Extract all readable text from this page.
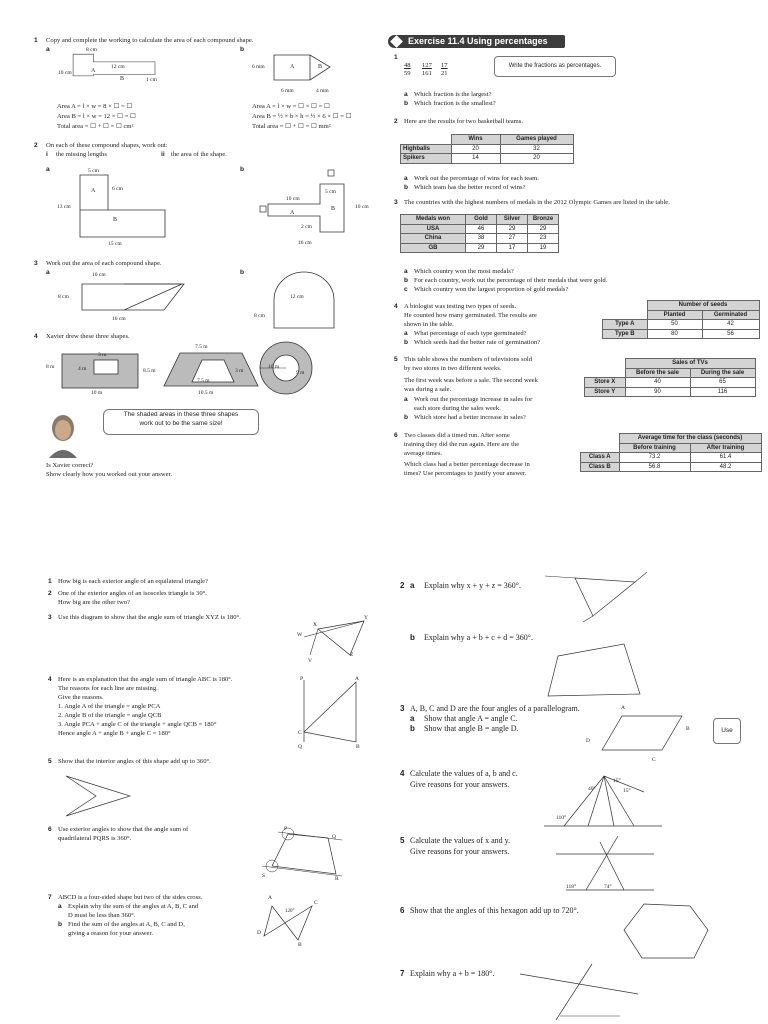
1 Copy and complete the working to calculate the area of each compound shape.
a	b
8 cm
10 cm
12 cm
A
B	1 cm
6 mm	A	B
6 mm	4 mm
Area A = l × w = 8 × ☐ = ☐
Area B = l × w = 12 × ☐ = ☐
Total area = ☐ + ☐ = ☐ cm²
Area A = l × w = ☐ × ☐ = ☐
Area B = ½ × b × h = ½ × 6 × ☐ = ☐
Total area = ☐ + ☐ = ☐ mm²
2 On each of these compound shapes, work out:
i the missing lengths	ii the area of the shape.
a	b
5 cm
A	6 cm
13 cm
B
15 cm
10 cm
5 cm
A
B	10 cm
2 cm
16 cm
3 Work out the area of each compound shape.
a	b
10 cm
8 cm
16 cm
12 cm
8 cm
4 Xavier drew these three shapes.
8 m
3 m
4 m
10 m
7.5 m
8.5 m
7.5 m
3 m
10.5 m
10 m
9 m
The shaded areas in these three shapes
work out to be the same size!
Is Xavier correct?
Show clearly how you worked out your answer.
Exercise 11.4 Using percentages
1
48
59
127
161
17
21
Write the fractions as percentages.
a Which fraction is the largest?
b Which fraction is the smallest?
2 Here are the results for two basketball teams.
	Wins	Games played
Highballs	20	32
Spikers	14	20
a Work out the percentage of wins for each team.
b Which team has the better record of wins?
3 The countries with the highest numbers of medals in the 2012 Olympic Games are listed in the table.
Medals won	Gold	Silver	Bronze
USA	46	29	29
China	38	27	23
GB	29	17	19
a Which country won the most medals?
b For each country, work out the percentage of their medals that were gold.
c Which country won the largest proportion of gold medals?
4 A biologist was testing two types of seeds.
He counted how many germinated. The results are
shown in the table.
a What percentage of each type germinated?
b Which seeds had the better rate of germination?
	Number of seeds	
	Planted	Germinated
Type A	50	42
Type B	80	56
5 This table shows the numbers of televisions sold
by two stores in two different weeks.
The first week was before a sale. The second week
was during a sale.
a Work out the percentage increase in sales for
each store during the sales week.
b Which store had a better increase in sales?
	Sales of TVs	
	Before the sale	During the sale
Store X	40	65
Store Y	90	116
6 Two classes did a timed run. After some
training they did the run again. Here are the
average times.
Which class had a better percentage decrease in
times? Use percentages to justify your answer.
	Average time for the class (seconds)	
	Before training	After training
Class A	73.2	61.4
Class B	56.8	48.2
1 How big is each exterior angle of an equilateral triangle?
2 One of the exterior angles of an isosceles triangle is 30°.
How big are the other two?
3 Use this diagram to show that the angle sum of triangle XYZ is 180°.
X
Y
W
Z
V
4 Here is an explanation that the angle sum of triangle ABC is 180°.
The reasons for each line are missing.
Give the reasons.
1. Angle A of the triangle = angle PCA
2. Angle B of the triangle = angle QCB
3. Angle PCA + angle C of the triangle + angle QCB = 180°
Hence angle A + angle B + angle C = 180°
P	A
C
Q	B
5 Show that the interior angles of this shape add up to 360°.
6 Use exterior angles to show that the angle sum of
quadrilateral PQRS is 360°.
P
Q
S	R
7 ABCD is a four-sided shape but two of the sides cross.
a Explain why the sum of the angles at A, B, C and
D must be less than 360°.
b Find the sum of the angles at A, B, C and D,
giving a reason for your answer.
A
C
B
D
120°
2 a Explain why x + y + z = 360°.
b Explain why a + b + c + d = 360°.
3 A, B, C and D are the four angles of a parallelogram.
a Show that angle A = angle C.
b Show that angle B = angle D.
A
B
C
D
Use
4 Calculate the values of a, b and c.
Give reasons for your answers.	40°
15°
15°
110°
5 Calculate the values of x and y.
Give reasons for your answers.
118°	74°
6 Show that the angles of this hexagon add up to 720°.
7 Explain why a + b = 180°.
